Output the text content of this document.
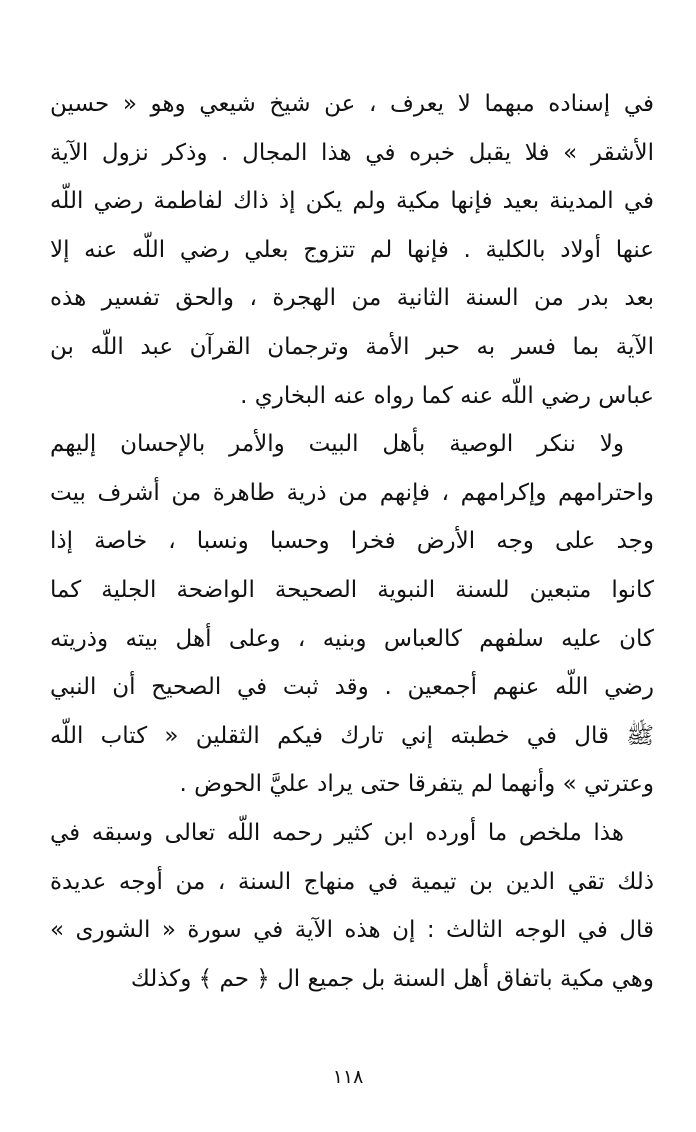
في إسناده مبهما لا يعرف ، عن شيخ شيعي وهو « حسين
الأشقر » فلا يقبل خبره في هذا المجال . وذكر نزول الآية
في المدينة بعيد فإنها مكية ولم يكن إذ ذاك لفاطمة رضي اللّه
عنها أولاد بالكلية . فإنها لم تتزوج بعلي رضي اللّه عنه إلا
بعد بدر من السنة الثانية من الهجرة ، والحق تفسير هذه
الآية بما فسر به حبر الأمة وترجمان القرآن عبد اللّه بن
عباس رضي اللّه عنه كما رواه عنه البخاري .
ولا ننكر الوصية بأهل البيت والأمر بالإحسان إليهم
واحترامهم وإكرامهم ، فإنهم من ذرية طاهرة من أشرف بيت
وجد على وجه الأرض فخرا وحسبا ونسبا ، خاصة إذا
كانوا متبعين للسنة النبوية الصحيحة الواضحة الجلية كما
كان عليه سلفهم كالعباس وبنيه ، وعلى أهل بيته وذريته
رضي اللّه عنهم أجمعين . وقد ثبت في الصحيح أن النبي
ﷺ قال في خطبته إني تارك فيكم الثقلين « كتاب اللّه
وعترتي » وأنهما لم يتفرقا حتى يراد عليَّ الحوض .
هذا ملخص ما أورده ابن كثير رحمه اللّه تعالى وسبقه في
ذلك تقي الدين بن تيمية في منهاج السنة ، من أوجه عديدة
قال في الوجه الثالث : إن هذه الآية في سورة « الشورى »
وهي مكية باتفاق أهل السنة بل جميع ال ﴿ حم ﴾ وكذلك
١١٨
